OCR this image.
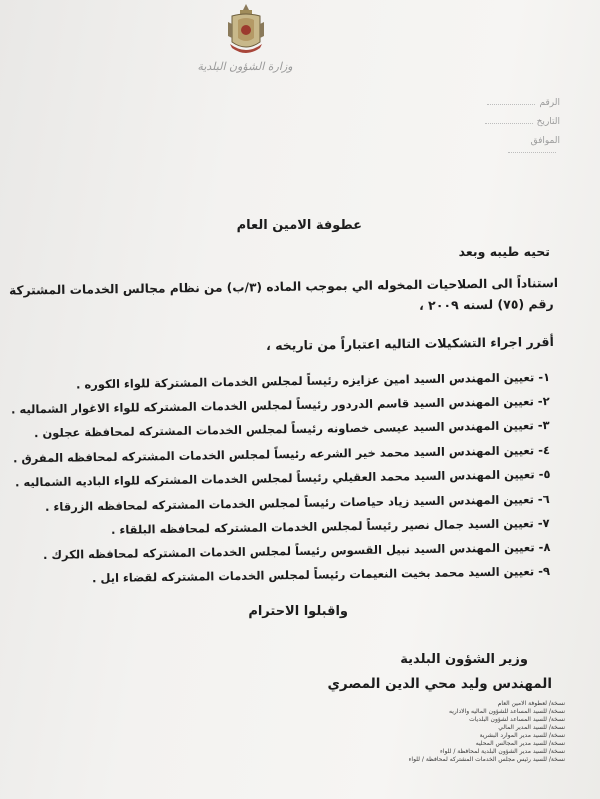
وزارة الشؤون البلدية
الرقم
التاريخ
الموافق
عطوفة الامين العام
تحيه طيبه وبعد
استناداً الى الصلاحيات المخوله الي بموجب الماده (٣/ب) من نظام مجالس الخدمات المشتركة
رقم (٧٥) لسنه ٢٠٠٩ ،
أقرر اجراء التشكيلات التاليه اعتباراً من تاريخه ،
١-تعيين المهندس السيد امين عزايزه رئيساً لمجلس الخدمات المشتركة للواء الكوره .
٢-تعيين المهندس السيد قاسم الدردور رئيساً لمجلس الخدمات المشتركه للواء الاغوار الشماليه .
٣-تعيين المهندس السيد عيسى خصاونه رئيساً لمجلس الخدمات المشتركه لمحافظة عجلون .
٤-تعيين المهندس السيد محمد خير الشرعه رئيساً لمجلس الخدمات المشتركه لمحافظه المفرق .
٥-تعيين المهندس السيد محمد العقيلي رئيساً لمجلس الخدمات المشتركه للواء الباديه الشماليه .
٦-تعيين المهندس السيد زياد حياصات رئيساً لمجلس الخدمات المشتركه لمحافظه الزرقاء .
٧-تعيين السيد جمال نصير رئيساً لمجلس الخدمات المشتركه لمحافظه البلقاء .
٨-تعيين المهندس السيد نبيل القسوس رئيساً لمجلس الخدمات المشتركه لمحافظه الكرك .
٩-تعيين السيد محمد بخيت النعيمات رئيساً لمجلس الخدمات المشتركه لقضاء ايل .
واقبلوا الاحترام
وزير الشؤون البلدية
المهندس وليد محي الدين المصري
نسخة/ لعطوفة الامين العام
نسخة/ للسيد المساعد للشؤون الماليه والاداريه
نسخة/ للسيد المساعد لشؤون البلديات
نسخة/ للسيد المدير المالي
نسخة/ للسيد مدير الموارد البشرية
نسخة/ للسيد مدير المجالس المحليه
نسخة/ للسيد مدير الشؤون البلدية لمحافظة / للواء
نسخة/ للسيد رئيس مجلس الخدمات المشتركه لمحافظة / للواء
